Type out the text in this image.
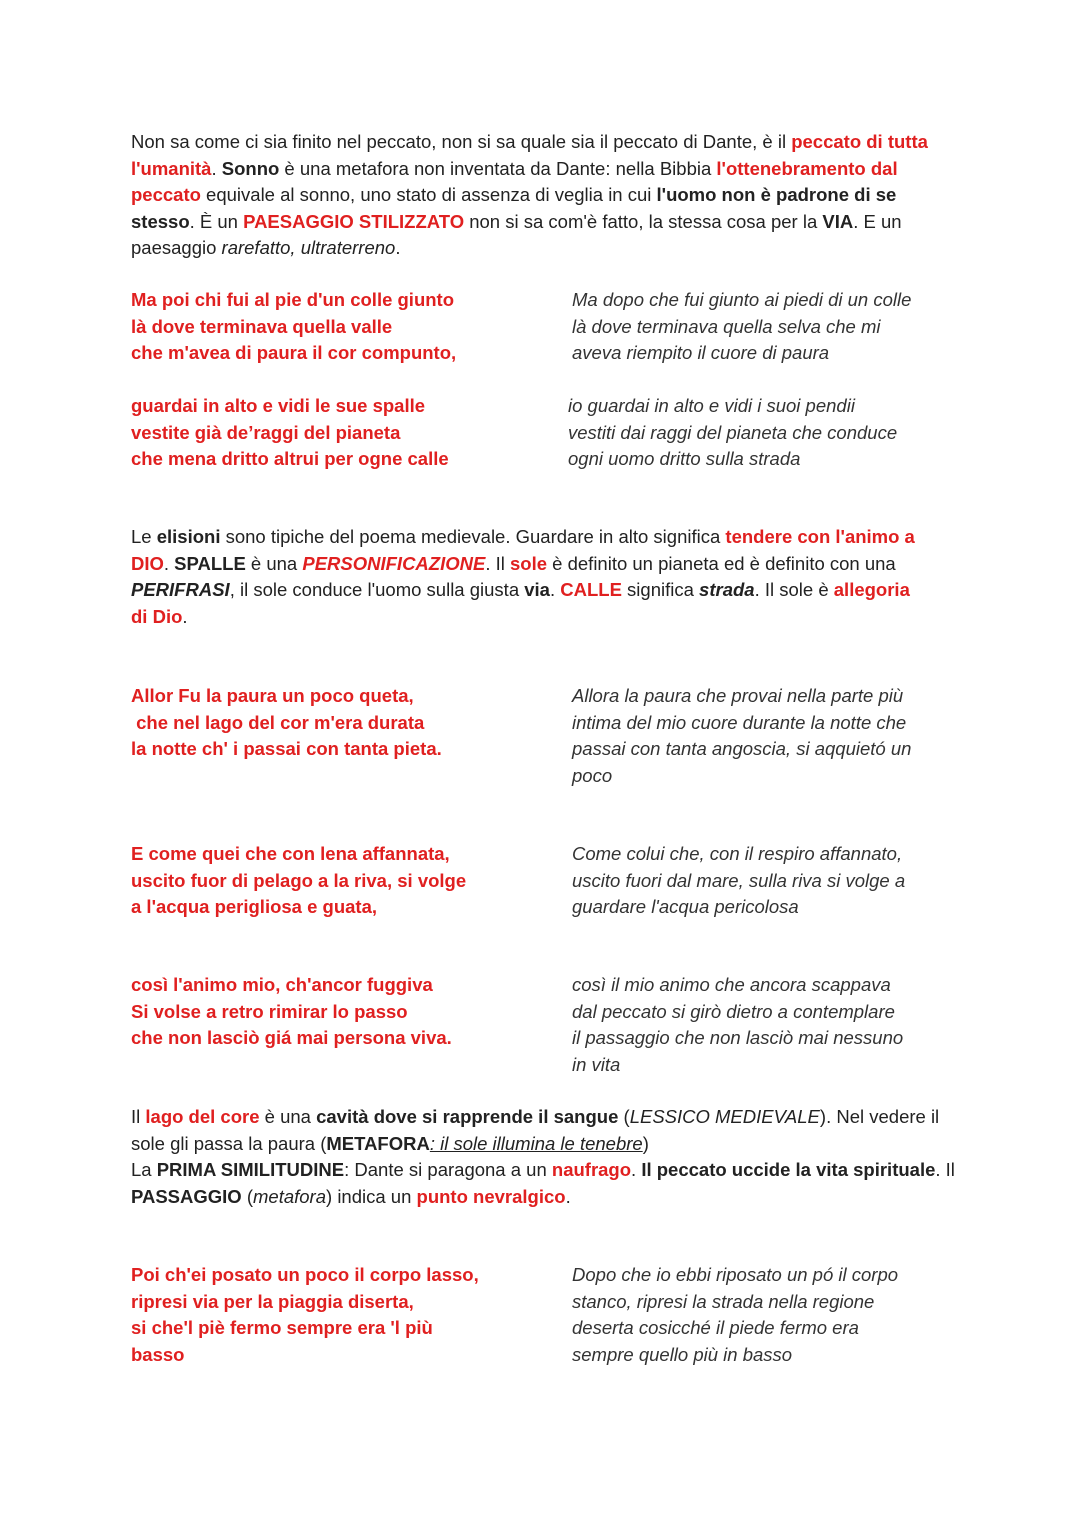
Non sa come ci sia finito nel peccato, non si sa quale sia il peccato di Dante, è il peccato di tutta l'umanità. Sonno è una metafora non inventata da Dante: nella Bibbia l'ottenebramento dal peccato equivale al sonno, uno stato di assenza di veglia in cui l'uomo non è padrone di se stesso. È un PAESAGGIO STILIZZATO non si sa com'è fatto, la stessa cosa per la VIA. E un paesaggio rarefatto, ultraterreno.

Ma poi chi fui al pie d'un colle giunto
là dove terminava quella valle
che m'avea di paura il cor compunto,
Ma dopo che fui giunto ai piedi di un colle
là dove terminava quella selva che mi
aveva riempito il cuore di paura
guardai in alto e vidi le sue spalle
vestite già de’raggi del pianeta
che mena dritto altrui per ogne calle
io guardai in alto e vidi i suoi pendii
vestiti dai raggi del pianeta che conduce
ogni uomo dritto sulla strada

Le elisioni sono tipiche del poema medievale. Guardare in alto significa tendere con l'animo a DIO. SPALLE è una PERSONIFICAZIONE. Il sole è definito un pianeta ed è definito con una PERIFRASI, il sole conduce l'uomo sulla giusta via. CALLE significa strada. Il sole è allegoria di Dio.

Allor Fu la paura un poco queta,
che nel lago del cor m'era durata
la notte ch' i passai con tanta pieta.
Allora la paura che provai nella parte più intima del mio cuore durante la notte che passai con tanta angoscia, si aqquietó un poco
E come quei che con lena affannata,
uscito fuor di pelago a la riva, si volge
a l'acqua perigliosa e guata,
Come colui che, con il respiro affannato,
uscito fuori dal mare, sulla riva si volge a
guardare l'acqua pericolosa
così l'animo mio, ch'ancor fuggiva
Si volse a retro rimirar lo passo
che non lasciò giá mai persona viva.
così il mio animo che ancora scappava
dal peccato si girò dietro a contemplare
il passaggio che non lasciò mai nessuno
in vita

Il lago del core è una cavità dove si rapprende il sangue (LESSICO MEDIEVALE). Nel vedere il sole gli passa la paura (METAFORA: il sole illumina le tenebre)
La PRIMA SIMILITUDINE: Dante si paragona a un naufrago. Il peccato uccide la vita spirituale. Il PASSAGGIO (metafora) indica un punto nevralgico.

Poi ch'ei posato un poco il corpo lasso,
ripresi via per la piaggia diserta,
si che'l piè fermo sempre era 'l più
basso
Dopo che io ebbi riposato un pó il corpo
stanco, ripresi la strada nella regione
deserta cosicché il piede fermo era
sempre quello più in basso
